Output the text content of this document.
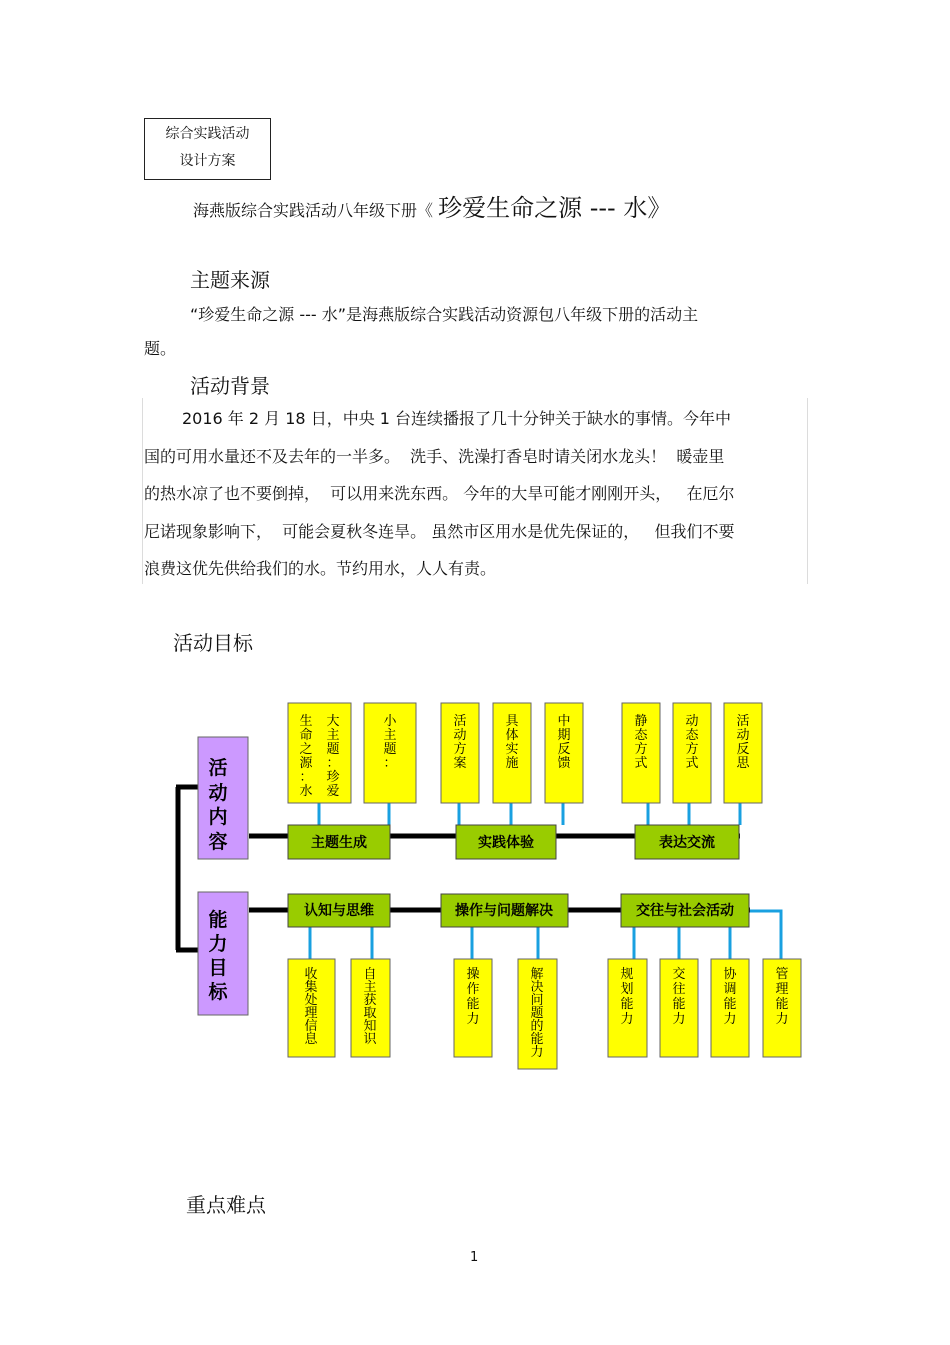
综合实践活动
设计方案
海燕版综合实践活动八年级下册《 珍爱生命之源 --- 水》
主题来源
“珍爱生命之源 --- 水”是海燕版综合实践活动资源包八年级下册的活动主
题。
活动背景
2016 年 2 月 18 日，中央 1 台连续播报了几十分钟关于缺水的事情。今年中
国的可用水量还不及去年的一半多。  洗手、洗澡打香皂时请关闭水龙头！  暖壶里
的热水凉了也不要倒掉，  可以用来洗东西。 今年的大旱可能才刚刚开头，   在厄尔
尼诺现象影响下，  可能会夏秋冬连旱。 虽然市区用水是优先保证的，   但我们不要
浪费这优先供给我们的水。节约用水，人人有责。
活动目标
活
动
内
容
能
力
目
标
主题生成	实践体验	表达交流
认知与思维	操作与问题解决	交往与社会活动
大
主
题
：
珍
爱
生
命
之
源
：
水
小
主
题
：
活
动
方
案
具
体
实
施
中
期
反
馈
静
态
方
式
动
态
方
式
活
动
反
思
收
集
处
理
信
息
自
主
获
取
知
识
操
作
能
力
解
决
问
题
的
能
力
规
划
能
力
交
往
能
力
协
调
能
力
管
理
能
力
重点难点
1
